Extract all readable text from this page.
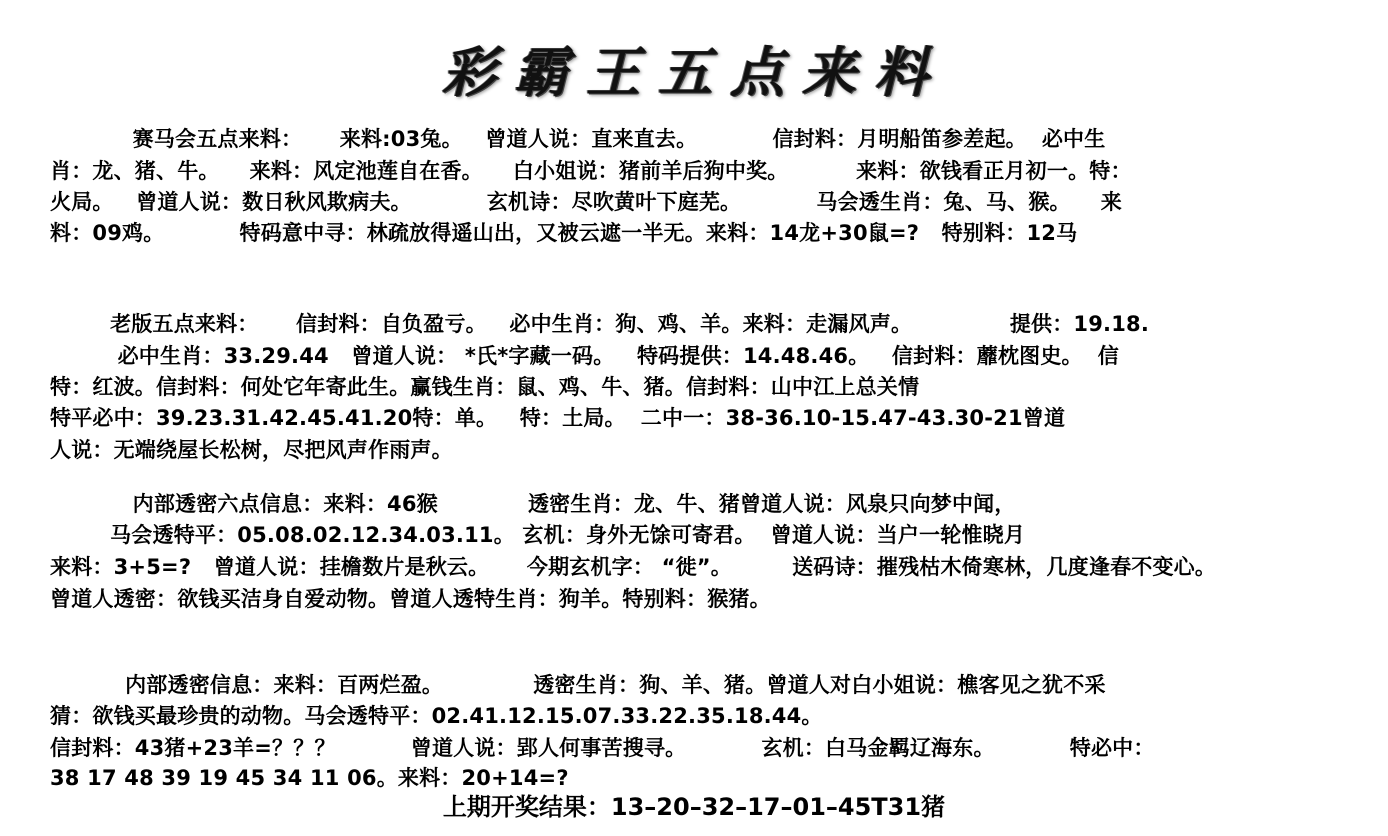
彩霸王五点来料
赛马会五点来料：     来料:03兔。   曾道人说：直来直去。          信封料：月明船笛参差起。  必中生
肖：龙、猪、牛。    来料：风定池莲自在香。    白小姐说：猪前羊后狗中奖。         来料：欲钱看正月初一。特：
火局。   曾道人说：数日秋风欺病夫。          玄机诗：尽吹黄叶下庭芜。          马会透生肖：兔、马、猴。    来
料：09鸡。          特码意中寻：林疏放得遥山出，又被云遮一半无。来料：14龙+30鼠=?   特别料：12马
老版五点来料：     信封料：自负盈亏。   必中生肖：狗、鸡、羊。来料：走漏风声。             提供：19.18.
必中生肖：33.29.44   曾道人说： *氏*字藏一码。   特码提供：14.48.46。   信封料：蘼枕图史。  信
特：红波。信封料：何处它年寄此生。赢钱生肖：鼠、鸡、牛、猪。信封料：山中江上总关情
特平必中：39.23.31.42.45.41.20特：单。   特：土局。  二中一：38-36.10-15.47-43.30-21曾道
人说：无端绕屋长松树，尽把风声作雨声。
内部透密六点信息：来料：46猴            透密生肖：龙、牛、猪曾道人说：风泉只向梦中闻，
马会透特平：05.08.02.12.34.03.11。 玄机：身外无馀可寄君。  曾道人说：当户一轮惟晓月
来料：3+5=?   曾道人说：挂檐数片是秋云。     今期玄机字： “徙”。        送码诗：摧残枯木倚寒林，几度逢春不变心。
曾道人透密：欲钱买洁身自爱动物。曾道人透特生肖：狗羊。特别料：猴猪。
内部透密信息：来料：百两烂盈。            透密生肖：狗、羊、猪。曾道人对白小姐说：樵客见之犹不采
猜：欲钱买最珍贵的动物。马会透特平：02.41.12.15.07.33.22.35.18.44。
信封料：43猪+23羊=？？？          曾道人说：郢人何事苦搜寻。          玄机：白马金羁辽海东。          特必中：
38 17 48 39 19 45 34 11 06。来料：20+14=?
上期开奖结果：13–20–32–17–01–45T31猪
